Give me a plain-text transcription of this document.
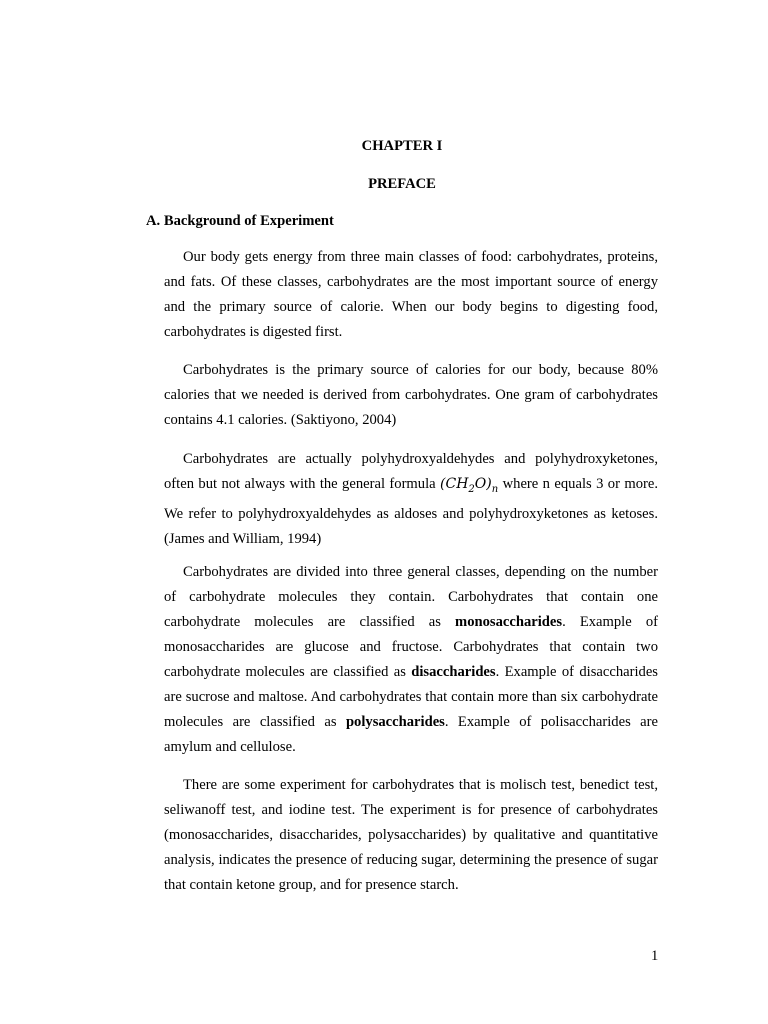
CHAPTER I
PREFACE
A. Background of Experiment

Our body gets energy from three main classes of food: carbohydrates, proteins, and fats. Of these classes, carbohydrates are the most important source of energy and the primary source of calorie. When our body begins to digesting food, carbohydrates is digested first.

Carbohydrates is the primary source of calories for our body, because 80% calories that we needed is derived from carbohydrates. One gram of carbohydrates contains 4.1 calories. (Saktiyono, 2004)

Carbohydrates are actually polyhydroxyaldehydes and polyhydroxyketones, often but not always with the general formula $(CH_2O)_n$ where n equals 3 or more. We refer to polyhydroxyaldehydes as aldoses and polyhydroxyketones as ketoses. (James and William, 1994)

Carbohydrates are divided into three general classes, depending on the number of carbohydrate molecules they contain. Carbohydrates that contain one carbohydrate molecules are classified as monosaccharides. Example of monosaccharides are glucose and fructose. Carbohydrates that contain two carbohydrate molecules are classified as disaccharides. Example of disaccharides are sucrose and maltose. And carbohydrates that contain more than six carbohydrate molecules are classified as polysaccharides. Example of polisaccharides are amylum and cellulose.

There are some experiment for carbohydrates that is molisch test, benedict test, seliwanoff test, and iodine test. The experiment is for presence of carbohydrates (monosaccharides, disaccharides, polysaccharides) by qualitative and quantitative analysis, indicates the presence of reducing sugar, determining the presence of sugar that contain ketone group, and for presence starch.

1
